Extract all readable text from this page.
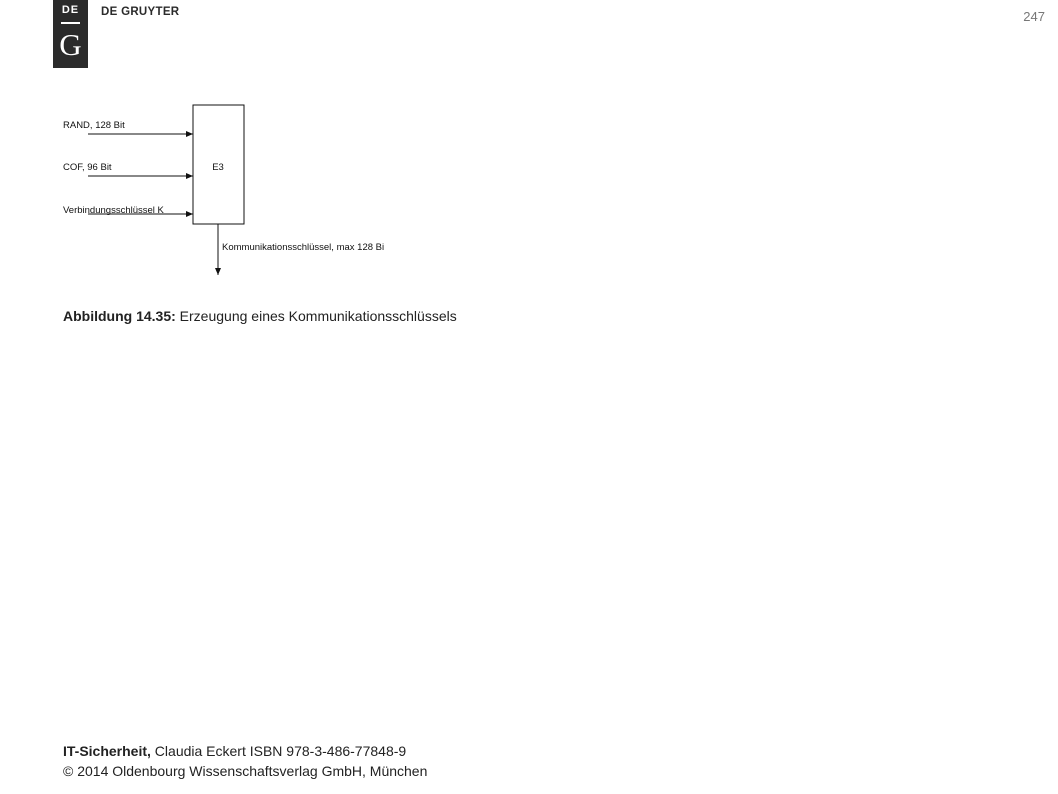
DE
G
DE GRUYTER	247
E3
RAND, 128 Bit
COF, 96 Bit
Verbindungsschlüssel K
Kommunikationsschlüssel, max 128 Bi
Abbildung 14.35: Erzeugung eines Kommunikationsschlüssels
IT-Sicherheit, Claudia Eckert ISBN 978-3-486-77848-9
© 2014 Oldenbourg Wissenschaftsverlag GmbH, München
